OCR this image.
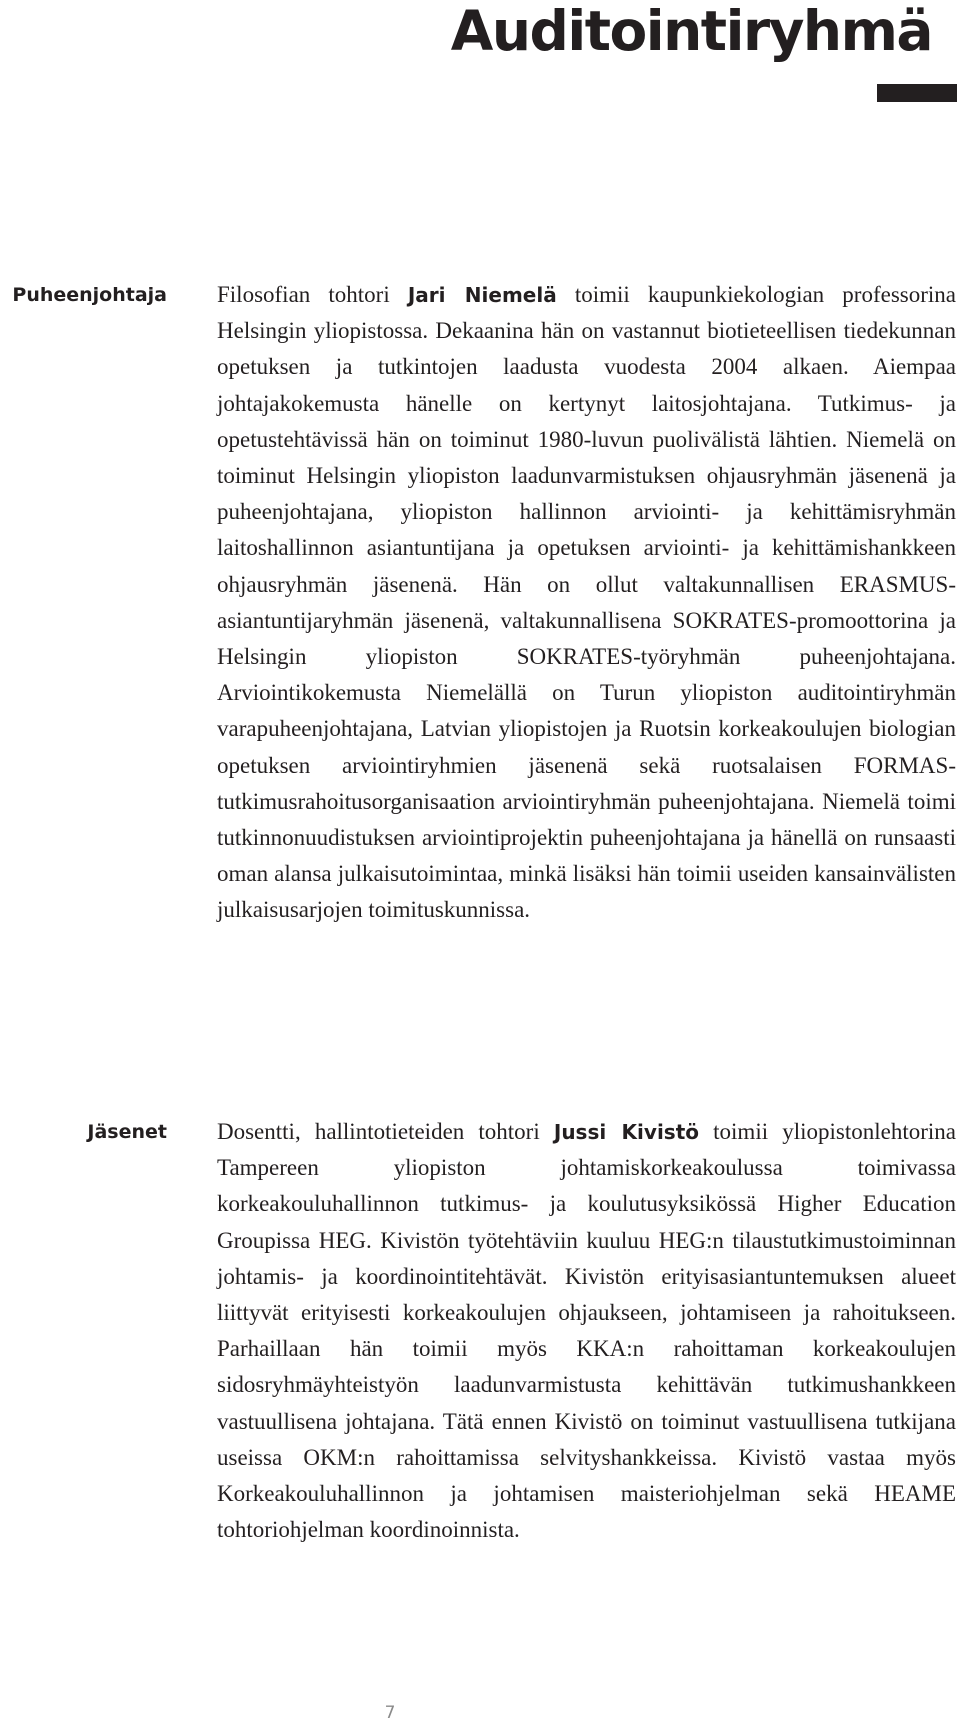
Auditointiryhmä
Puheenjohtaja Filosofian tohtori Jari Niemelä toimii kaupunkiekologian professorina Helsingin yliopistossa. Dekaanina hän on vastannut biotieteellisen tiedekunnan opetuksen ja tutkintojen laadusta vuodesta 2004 alkaen. Aiempaa johtajakokemusta hänelle on kertynyt laitosjohtajana. Tutkimus- ja opetustehtävissä hän on toiminut 1980-luvun puolivälistä lähtien. Niemelä on toiminut Helsingin yliopiston laadunvarmistuksen ohjausryhmän jäsenenä ja puheenjohtajana, yliopiston hallinnon arviointi- ja kehittämisryhmän laitoshallinnon asiantuntijana ja opetuksen arviointi- ja kehittämishankkeen ohjausryhmän jäsenenä. Hän on ollut valtakunnallisen ERASMUS-asiantuntijaryhmän jäsenenä, valtakunnallisena SOKRATES-promoottorina ja Helsingin yliopiston SOKRATES-työryhmän puheenjohtajana. Arviointikokemusta Niemelällä on Turun yliopiston auditointiryhmän varapuheenjohtajana, Latvian yliopistojen ja Ruotsin korkeakoulujen biologian opetuksen arviointiryhmien jäsenenä sekä ruotsalaisen FORMAS-tutkimusrahoitusorganisaation arviointiryhmän puheenjohtajana. Niemelä toimi tutkinnonuudistuksen arviointiprojektin puheenjohtajana ja hänellä on runsaasti oman alansa julkaisutoimintaa, minkä lisäksi hän toimii useiden kansainvälisten julkaisusarjojen toimituskunnissa.

Jäsenet Dosentti, hallintotieteiden tohtori Jussi Kivistö toimii yliopistonlehtorina Tampereen yliopiston johtamiskorkeakoulussa toimivassa korkeakouluhallinnon tutkimus- ja koulutusyksikössä Higher Education Groupissa HEG. Kivistön työtehtäviin kuuluu HEG:n tilaustutkimustoiminnan johtamis- ja koordinointitehtävät. Kivistön erityisasiantuntemuksen alueet liittyvät erityisesti korkeakoulujen ohjaukseen, johtamiseen ja rahoitukseen. Parhaillaan hän toimii myös KKA:n rahoittaman korkeakoulujen sidosryhmäyhteistyön laadunvarmistusta kehittävän tutkimushankkeen vastuullisena johtajana. Tätä ennen Kivistö on toiminut vastuullisena tutkijana useissa OKM:n rahoittamissa selvityshankkeissa. Kivistö vastaa myös Korkeakouluhallinnon ja johtamisen maisteriohjelman sekä HEAME tohtoriohjelman koordinoinnista.

7
